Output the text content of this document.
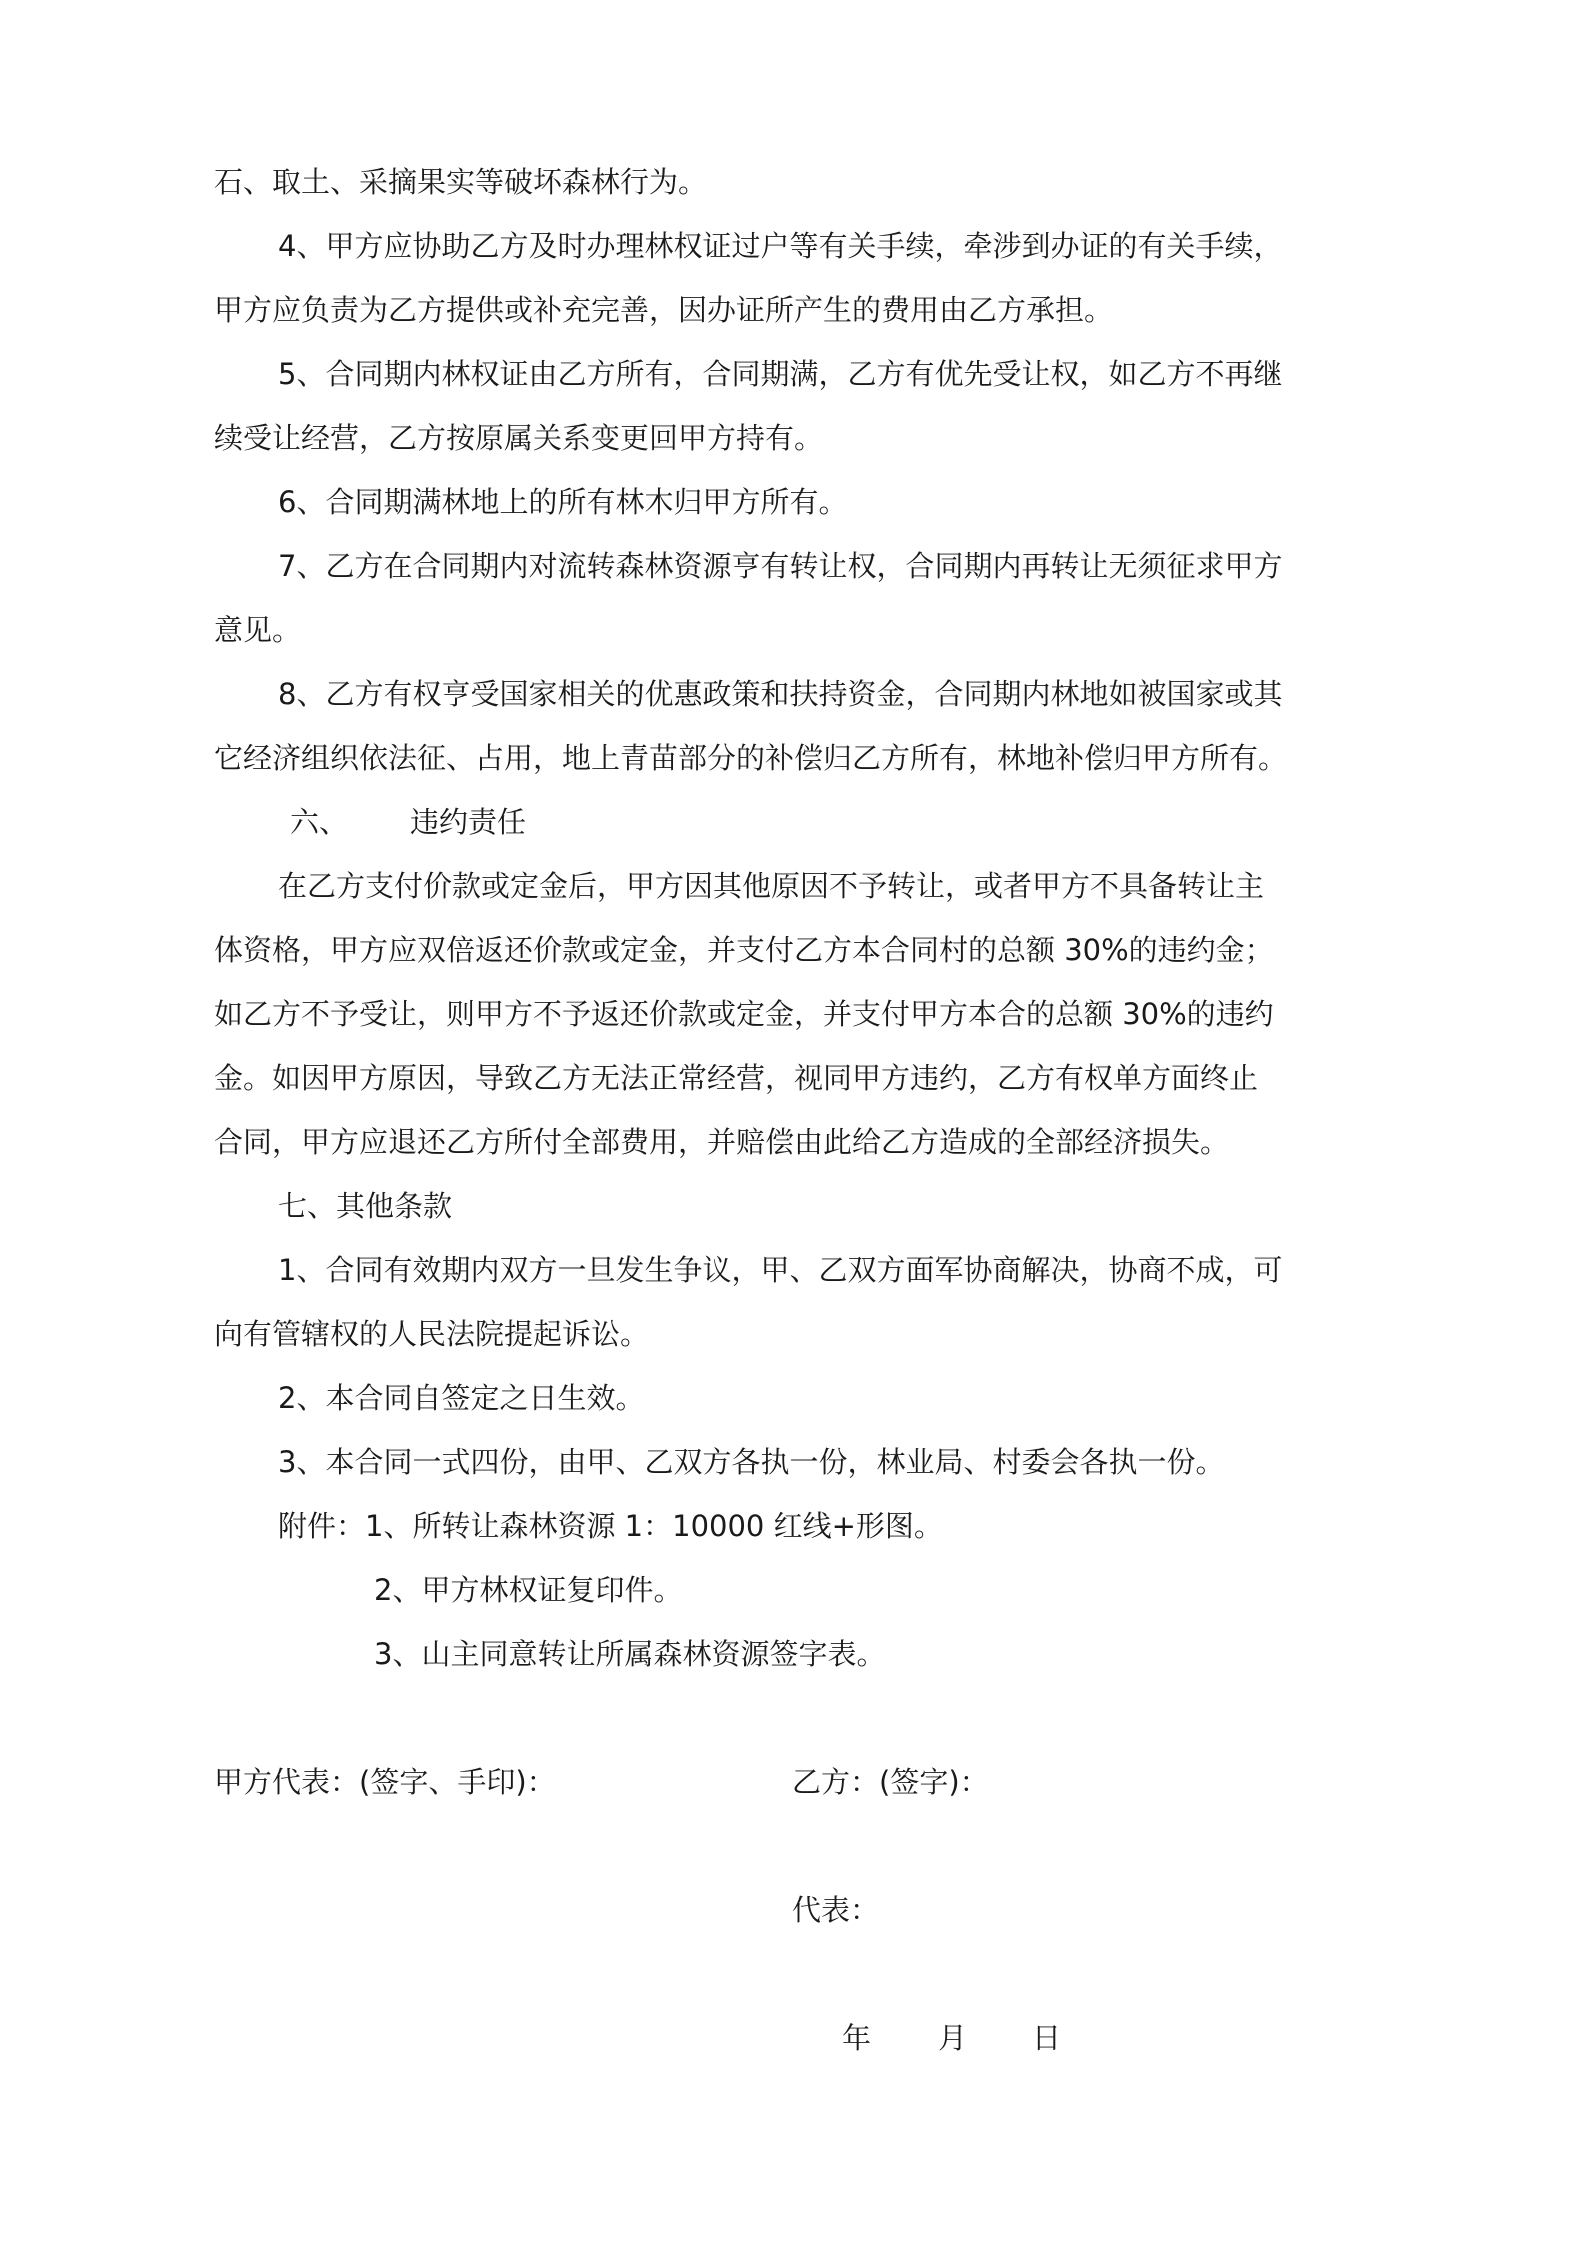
石、取土、采摘果实等破坏森林行为。

4、甲方应协助乙方及时办理林权证过户等有关手续，牵涉到办证的有关手续，

甲方应负责为乙方提供或补充完善，因办证所产生的费用由乙方承担。

5、合同期内林权证由乙方所有，合同期满，乙方有优先受让权，如乙方不再继

续受让经营，乙方按原属关系变更回甲方持有。

6、合同期满林地上的所有林木归甲方所有。

7、乙方在合同期内对流转森林资源亨有转让权，合同期内再转让无须征求甲方

意见。

8、乙方有权亨受国家相关的优惠政策和扶持资金，合同期内林地如被国家或其

它经济组织依法征、占用，地上青苗部分的补偿归乙方所有，林地补偿归甲方所有。

六、 违约责任

在乙方支付价款或定金后，甲方因其他原因不予转让，或者甲方不具备转让主

体资格，甲方应双倍返还价款或定金，并支付乙方本合同村的总额 30%的违约金；

如乙方不予受让，则甲方不予返还价款或定金，并支付甲方本合的总额 30%的违约

金。如因甲方原因，导致乙方无法正常经营，视同甲方违约，乙方有权单方面终止

合同，甲方应退还乙方所付全部费用，并赔偿由此给乙方造成的全部经济损失。

七、其他条款

1、合同有效期内双方一旦发生争议，甲、乙双方面军协商解决，协商不成，可

向有管辖权的人民法院提起诉讼。

2、本合同自签定之日生效。

3、本合同一式四份，由甲、乙双方各执一份，林业局、村委会各执一份。

附件：1、所转让森林资源 1：10000 红线+形图。

2、甲方林权证复印件。

3、山主同意转让所属森林资源签字表。

甲方代表：(签字、手印)：	乙方：(签字)：
代表：
年 月 日
